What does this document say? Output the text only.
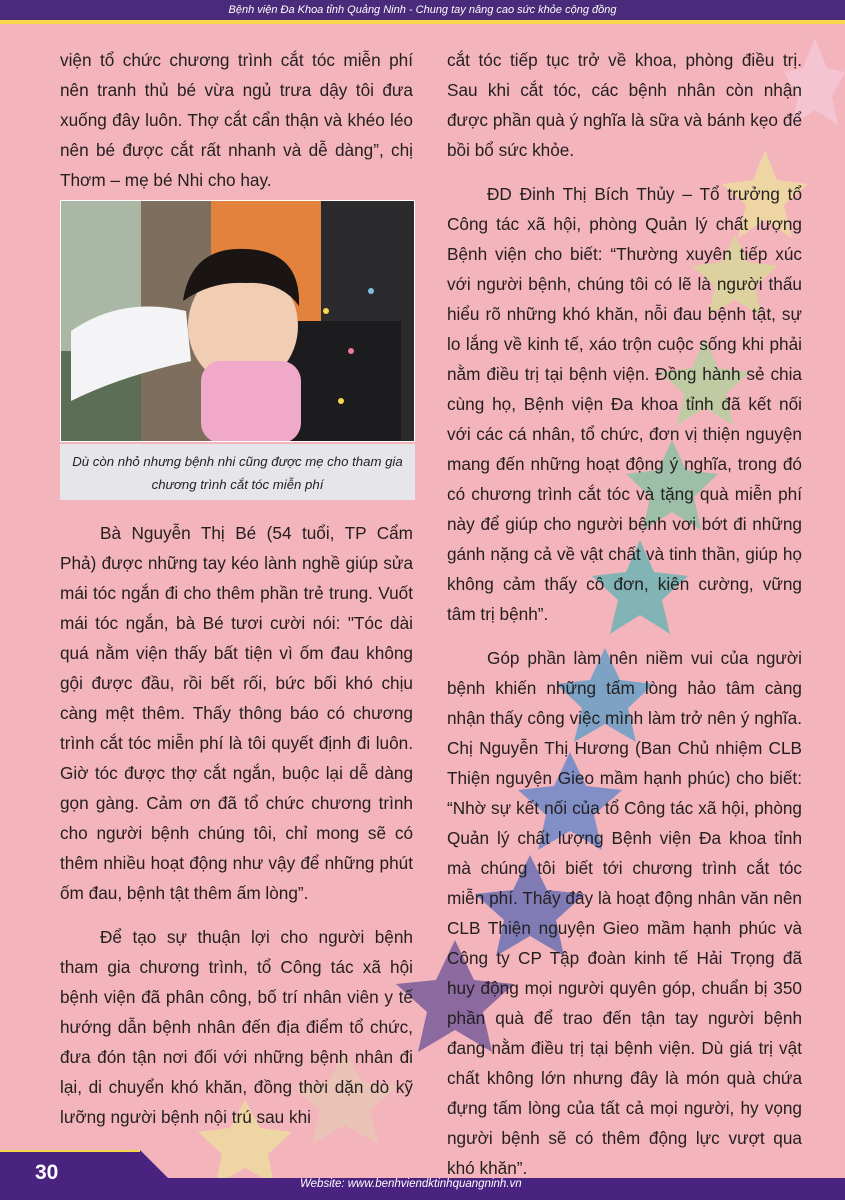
Bệnh viện Đa Khoa tỉnh Quảng Ninh - Chung tay nâng cao sức khỏe cộng đồng

viện tổ chức chương trình cắt tóc miễn phí nên tranh thủ bé vừa ngủ trưa dậy tôi đưa xuống đây luôn. Thợ cắt cẩn thận và khéo léo nên bé được cắt rất nhanh và dễ dàng”, chị Thơm – mẹ bé Nhi cho hay.

Dù còn nhỏ nhưng bệnh nhi cũng được mẹ cho tham gia chương trình cắt tóc miễn phí

Bà Nguyễn Thị Bé (54 tuổi, TP Cẩm Phả) được những tay kéo lành nghề giúp sửa mái tóc ngắn đi cho thêm phần trẻ trung. Vuốt mái tóc ngắn, bà Bé tươi cười nói: "Tóc dài quá nằm viện thấy bất tiện vì ốm đau không gội được đầu, rồi bết rối, bức bối khó chịu càng mệt thêm. Thấy thông báo có chương trình cắt tóc miễn phí là tôi quyết định đi luôn. Giờ tóc được thợ cắt ngắn, buộc lại dễ dàng gọn gàng. Cảm ơn đã tổ chức chương trình cho người bệnh chúng tôi, chỉ mong sẽ có thêm nhiều hoạt động như vậy để những phút ốm đau, bệnh tật thêm ấm lòng”.

Để tạo sự thuận lợi cho người bệnh tham gia chương trình, tổ Công tác xã hội bệnh viện đã phân công, bố trí nhân viên y tế hướng dẫn bệnh nhân đến địa điểm tổ chức, đưa đón tận nơi đối với những bệnh nhân đi lại, di chuyển khó khăn, đồng thời dặn dò kỹ lưỡng người bệnh nội trú sau khi

cắt tóc tiếp tục trở về khoa, phòng điều trị. Sau khi cắt tóc, các bệnh nhân còn nhận được phần quà ý nghĩa là sữa và bánh kẹo để bồi bổ sức khỏe.

ĐD Đinh Thị Bích Thủy – Tổ trưởng tổ Công tác xã hội, phòng Quản lý chất lượng Bệnh viện cho biết: “Thường xuyên tiếp xúc với người bệnh, chúng tôi có lẽ là người thấu hiểu rõ những khó khăn, nỗi đau bệnh tật, sự lo lắng về kinh tế, xáo trộn cuộc sống khi phải nằm điều trị tại bệnh viện. Đồng hành sẻ chia cùng họ, Bệnh viện Đa khoa tỉnh đã kết nối với các cá nhân, tổ chức, đơn vị thiện nguyện mang đến những hoạt động ý nghĩa, trong đó có chương trình cắt tóc và tặng quà miễn phí này để giúp cho người bệnh vơi bớt đi những gánh nặng cả về vật chất và tinh thần, giúp họ không cảm thấy cô đơn, kiên cường, vững tâm trị bệnh”.

Góp phần làm nên niềm vui của người bệnh khiến những tấm lòng hảo tâm càng nhận thấy công việc mình làm trở nên ý nghĩa. Chị Nguyễn Thị Hương (Ban Chủ nhiệm CLB Thiện nguyện Gieo mầm hạnh phúc) cho biết: “Nhờ sự kết nối của tổ Công tác xã hội, phòng Quản lý chất lượng Bệnh viện Đa khoa tỉnh mà chúng tôi biết tới chương trình cắt tóc miễn phí. Thấy đây là hoạt động nhân văn nên CLB Thiện nguyện Gieo mầm hạnh phúc và Công ty CP Tập đoàn kinh tế Hải Trọng đã huy động mọi người quyên góp, chuẩn bị 350 phần quà để trao đến tận tay người bệnh đang nằm điều trị tại bệnh viện. Dù giá trị vật chất không lớn nhưng đây là món quà chứa đựng tấm lòng của tất cả mọi người, hy vọng người bệnh sẽ có thêm động lực vượt qua khó khăn”.

30	Website: www.benhviendktinhquangninh.vn
